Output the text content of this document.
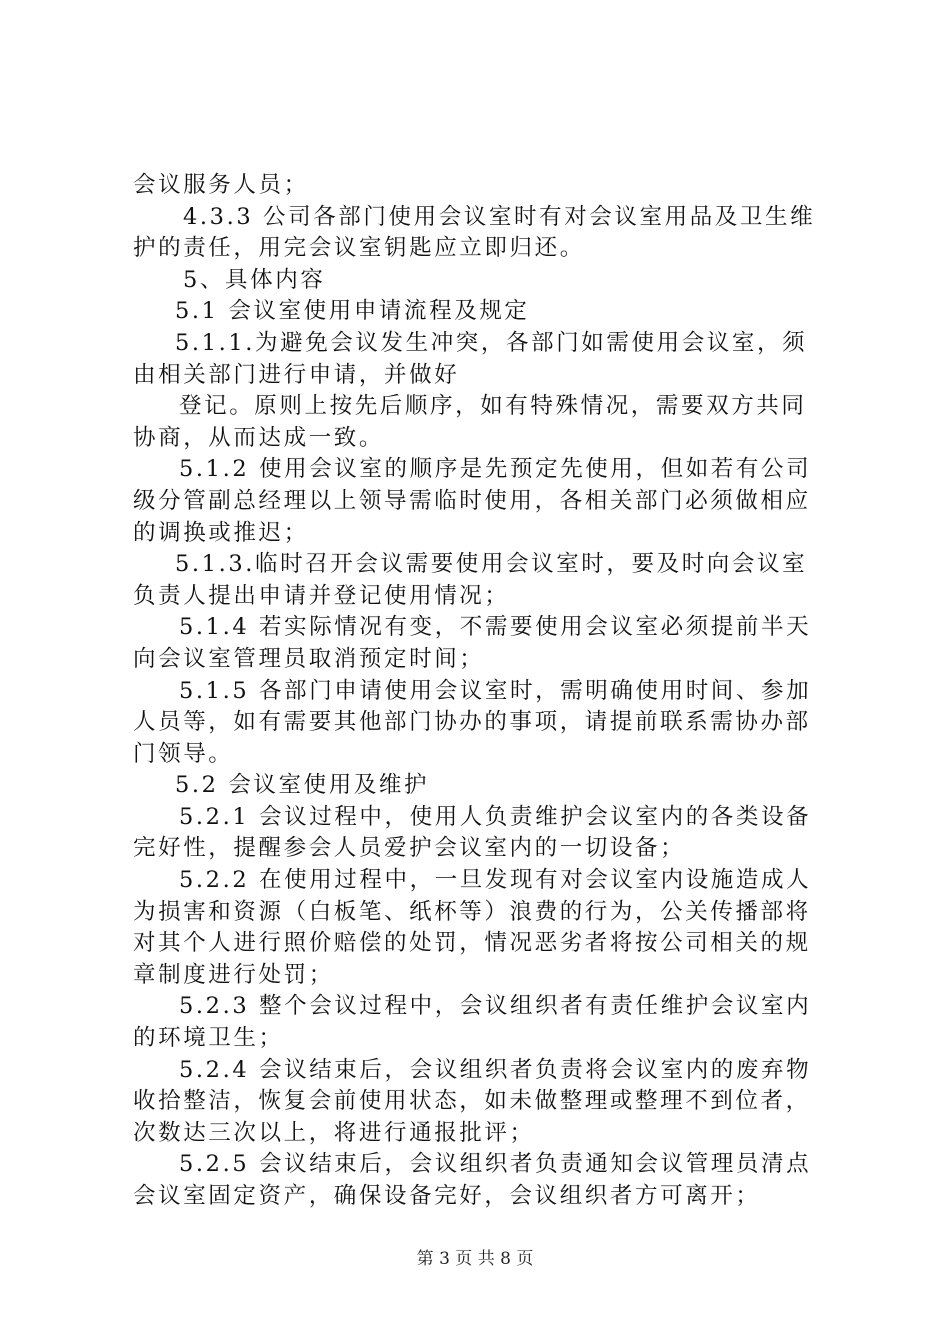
会议服务人员；
4.3.3 公司各部门使用会议室时有对会议室用品及卫生维
护的责任，用完会议室钥匙应立即归还。
5、具体内容
5.1 会议室使用申请流程及规定
5.1.1.为避免会议发生冲突，各部门如需使用会议室，须
由相关部门进行申请，并做好
登记。原则上按先后顺序，如有特殊情况，需要双方共同
协商，从而达成一致。
5.1.2 使用会议室的顺序是先预定先使用，但如若有公司
级分管副总经理以上领导需临时使用，各相关部门必须做相应
的调换或推迟；
5.1.3.临时召开会议需要使用会议室时，要及时向会议室
负责人提出申请并登记使用情况；
5.1.4 若实际情况有变，不需要使用会议室必须提前半天
向会议室管理员取消预定时间；
5.1.5 各部门申请使用会议室时，需明确使用时间、参加
人员等，如有需要其他部门协办的事项，请提前联系需协办部
门领导。
5.2 会议室使用及维护
5.2.1 会议过程中，使用人负责维护会议室内的各类设备
完好性，提醒参会人员爱护会议室内的一切设备；
5.2.2 在使用过程中，一旦发现有对会议室内设施造成人
为损害和资源（白板笔、纸杯等）浪费的行为，公关传播部将
对其个人进行照价赔偿的处罚，情况恶劣者将按公司相关的规
章制度进行处罚；
5.2.3 整个会议过程中，会议组织者有责任维护会议室内
的环境卫生；
5.2.4 会议结束后，会议组织者负责将会议室内的废弃物
收拾整洁，恢复会前使用状态，如未做整理或整理不到位者，
次数达三次以上，将进行通报批评；
5.2.5 会议结束后，会议组织者负责通知会议管理员清点
会议室固定资产，确保设备完好，会议组织者方可离开；
第 3 页 共 8 页
